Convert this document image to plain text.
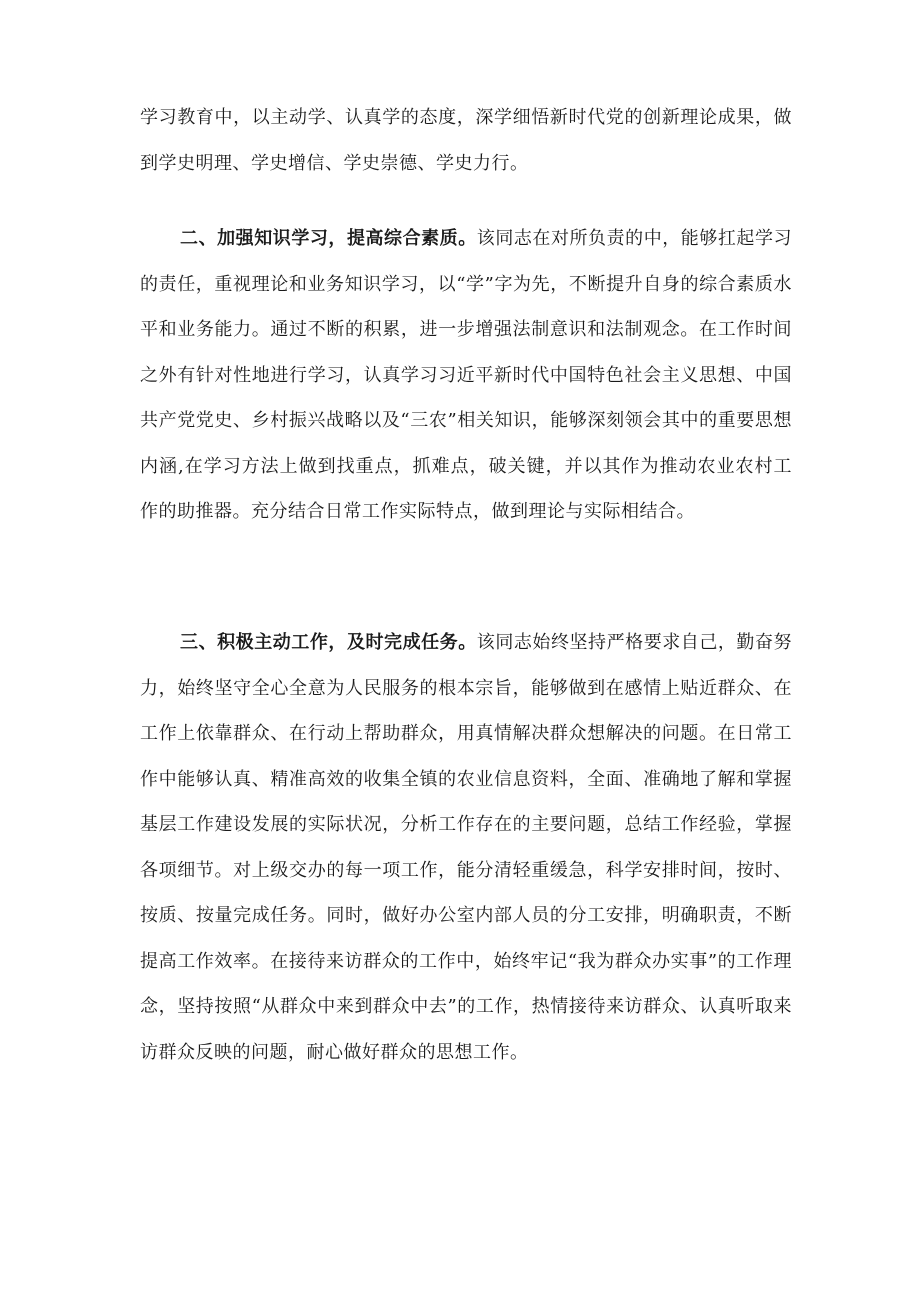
学习教育中，以主动学、认真学的态度，深学细悟新时代党的创新理论成果，做到学史明理、学史增信、学史崇德、学史力行。

二、加强知识学习，提高综合素质。该同志在对所负责的中，能够扛起学习的责任，重视理论和业务知识学习，以“学”字为先，不断提升自身的综合素质水平和业务能力。通过不断的积累，进一步增强法制意识和法制观念。在工作时间之外有针对性地进行学习，认真学习习近平新时代中国特色社会主义思想、中国共产党党史、乡村振兴战略以及“三农”相关知识，能够深刻领会其中的重要思想内涵,在学习方法上做到找重点，抓难点，破关键，并以其作为推动农业农村工作的助推器。充分结合日常工作实际特点，做到理论与实际相结合。

三、积极主动工作，及时完成任务。该同志始终坚持严格要求自己，勤奋努力，始终坚守全心全意为人民服务的根本宗旨，能够做到在感情上贴近群众、在工作上依靠群众、在行动上帮助群众，用真情解决群众想解决的问题。在日常工作中能够认真、精准高效的收集全镇的农业信息资料，全面、准确地了解和掌握基层工作建设发展的实际状况，分析工作存在的主要问题，总结工作经验，掌握各项细节。对上级交办的每一项工作，能分清轻重缓急，科学安排时间，按时、按质、按量完成任务。同时，做好办公室内部人员的分工安排，明确职责，不断提高工作效率。在接待来访群众的工作中，始终牢记“我为群众办实事”的工作理念，坚持按照“从群众中来到群众中去”的工作，热情接待来访群众、认真听取来访群众反映的问题，耐心做好群众的思想工作。
